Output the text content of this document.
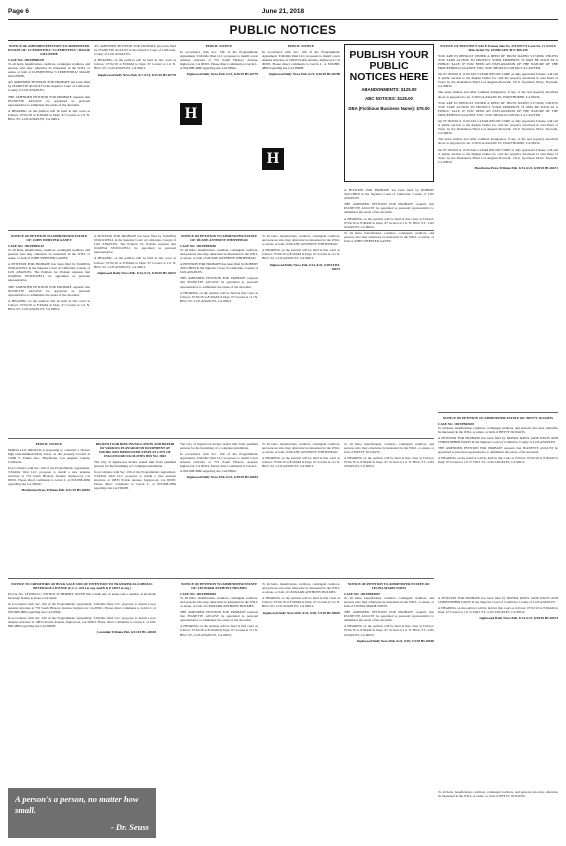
Page 6	June 21, 2018
PUBLIC NOTICES
NOTICE OF AMENDED PETITION TO ADMINISTER ESTATE OF: CLEMENTINA "CLEMENTINA" MAGIE GILLESPIE
CASE NO. 18STPB00478

To all heirs, beneficiaries, creditors, contingent creditors, and persons who may otherwise be interested in the WILL or estate, or both of CLEMENTINA "CLEMENTINA" MAGIE GILLESPIE.

AN AMENDED PETITION FOR PROBATE has been filed by JEANETTE AUGUST in the Superior Court of California, County of LOS ANGELES.

THE AMENDED PETITION FOR PROBATE requests that JEANETTE AUGUST be appointed as personal representative to administer the estate of the decedent.

A HEARING on the petition will be held in this court as follows: 07/02/18 at 8:30AM in Dept. 67 located at 111 N. HILL ST., LOS ANGELES, CA 90012.

AN AMENDED PETITION FOR PROBATE has been filed by JEANETTE AUGUST in the Superior Court of California, County of LOS ANGELES.

A HEARING on the petition will be held in this court as follows: 07/02/18 at 8:30AM in Dept. 67 located at 111 N. HILL ST., LOS ANGELES, CA 90012.

Ingalswood Daily News Pub. 6/7, 6/14, 6/21/18 HI-26778
PUBLIC NOTICE

In accordance with Sec. 106 of the Programmatic Agreement, T-Mobile West LLC proposes to install a new antenna structure at 753 South Hickory Avenue, Inglewood, CA 90301. Please direct comments to Gavin L. at 818-898-4866 regarding site LA13964C.

Inglewood Daily News Pub. 6/21, 6/26/18 HI-26779
H
PUBLIC NOTICE

In accordance with Sec. 106 of the Programmatic Agreement, T-Mobile West LLC proposes to install a new antenna structure at 10833 Prairie Avenue, Inglewood, CA 90303. Please direct comments to Gavin L. at 818-898-4866 regarding site LA13990H.

Inglewood Daily News Pub. 6/21, 6/26/18 HI-26780
H
PUBLISH YOUR PUBLIC NOTICES HERE
ABANDONMENTS: $125.00
ABC NOTICES: $125.00
DBA (Fictitious Business Name): $75.00
NOTICE OF TRUSTEE'S SALE Trustee Sale No. 219-097772 Loan No. 17-XXXX Title Order No. 615586 APN 4017-006-016

YOU ARE IN DEFAULT UNDER A DEED OF TRUST DATED 5/17/2006. UNLESS YOU TAKE ACTION TO PROTECT YOUR PROPERTY, IT MAY BE SOLD AT A PUBLIC SALE. IF YOU NEED AN EXPLANATION OF THE NATURE OF THE PROCEEDINGS AGAINST YOU, YOU SHOULD CONTACT A LAWYER.

On 07/18/2018 at 11:00 AM, CLEAR RECON CORP, as duly appointed Trustee, will sell at public auction to the highest bidder for cash the property described in said Deed of Trust, by the Doubletree Hotel Los Angeles-Norwalk, 13111 Sycamore Drive, Norwalk, CA 90650.

The street address and other common designation, if any, of the real property described above is purported to be: 11503 GLASGOW PL, HAWTHORNE, CA 90250.

YOU ARE IN DEFAULT UNDER A DEED OF TRUST DATED 5/17/2006. UNLESS YOU TAKE ACTION TO PROTECT YOUR PROPERTY, IT MAY BE SOLD AT A PUBLIC SALE. IF YOU NEED AN EXPLANATION OF THE NATURE OF THE PROCEEDINGS AGAINST YOU, YOU SHOULD CONTACT A LAWYER.

On 07/18/2018 at 11:00 AM, CLEAR RECON CORP, as duly appointed Trustee, will sell at public auction to the highest bidder for cash the property described in said Deed of Trust, by the Doubletree Hotel Los Angeles-Norwalk, 13111 Sycamore Drive, Norwalk, CA 90650.

The street address and other common designation, if any, of the real property described above is purported to be: 11503 GLASGOW PL, HAWTHORNE, CA 90250.

On 07/18/2018 at 11:00 AM, CLEAR RECON CORP, as duly appointed Trustee, will sell at public auction to the highest bidder for cash the property described in said Deed of Trust, by the Doubletree Hotel Los Angeles-Norwalk, 13111 Sycamore Drive, Norwalk, CA 90650.

Hawthorne Press Tribune Pub. 6/14, 6/21, 6/28/18 HI-26671
NOTICE OF PETITION TO ADMINISTER ESTATE OF: JOHN WEBSTER GANEY
CASE NO. 18STPB03110

To all heirs, beneficiaries, creditors, contingent creditors, and persons who may otherwise be interested in the WILL or estate, or both of JOHN WEBSTER GANEY.

A PETITION FOR PROBATE has been filed by JOANNA STOCKWELL in the Superior Court of California, County of LOS ANGELES. The Petition for Probate requests that JOANNA STOCKWELL be appointed as personal representative.

THE AMENDED PETITION FOR PROBATE requests that JEANETTE AUGUST be appointed as personal representative to administer the estate of the decedent.

A HEARING on the petition will be held in this court as follows: 07/02/18 at 8:30AM in Dept. 67 located at 111 N. HILL ST., LOS ANGELES, CA 90012.

A PETITION FOR PROBATE has been filed by JOANNA STOCKWELL in the Superior Court of California, County of LOS ANGELES. The Petition for Probate requests that JOANNA STOCKWELL be appointed as personal representative.

A HEARING on the petition will be held in this court as follows: 07/02/18 at 8:30AM in Dept. 67 located at 111 N. HILL ST., LOS ANGELES, CA 90012.

Inglewood Daily News Pub. 6/14, 6/21, 6/28/18 HI-26672
NOTICE OF PETITION TO ADMINISTER ESTATE OF: DUANE ANTHONY WHITEHEAD
CASE NO. 18STPB03050

To all heirs, beneficiaries, creditors, contingent creditors, and persons who may otherwise be interested in the WILL or estate, or both of DUANE ANTHONY WHITEHEAD.

A PETITION FOR PROBATE has been filed by ROBERT TOCCHINI in the Superior Court of California, County of LOS ANGELES.

THE AMENDED PETITION FOR PROBATE requests that JEANETTE AUGUST be appointed as personal representative to administer the estate of the decedent.

A HEARING on the petition will be held in this court as follows: 07/02/18 at 8:30AM in Dept. 67 located at 111 N. HILL ST., LOS ANGELES, CA 90012.

To all heirs, beneficiaries, creditors, contingent creditors, and persons who may otherwise be interested in the WILL or estate, or both of DUANE ANTHONY WHITEHEAD.

A HEARING on the petition will be held in this court as follows: 07/02/18 at 8:30AM in Dept. 67 located at 111 N. HILL ST., LOS ANGELES, CA 90012.

Inglewood Daily News Pub. 6/14, 6/21, 6/28/18 HI-26673

A PETITION FOR PROBATE has been filed by ROBERT TOCCHINI in the Superior Court of California, County of LOS ANGELES.

THE AMENDED PETITION FOR PROBATE requests that JEANETTE AUGUST be appointed as personal representative to administer the estate of the decedent.

A HEARING on the petition will be held in this court as follows: 07/02/18 at 8:30AM in Dept. 67 located at 111 N. HILL ST., LOS ANGELES, CA 90012.

To all heirs, beneficiaries, creditors, contingent creditors, and persons who may otherwise be interested in the WILL or estate, or both of JOHN WEBSTER GANEY.

NOTICE OF PETITION TO ADMINISTER ESTATE OF: BETTY JO DAVIS
CASE NO. 18STPB03045

To all heirs, beneficiaries, creditors, contingent creditors, and persons who may otherwise be interested in the WILL or estate, or both of BETTY JO DAVIS.

A PETITION FOR PROBATE has been filed by DONNA DAVIS JANE DAVIS AND CHRISTOPHER DAVIS in the Superior Court of California, County of LOS ANGELES.

THE AMENDED PETITION FOR PROBATE requests that JEANETTE AUGUST be appointed as personal representative to administer the estate of the decedent.

A HEARING on the petition will be held in this court as follows: 07/02/18 at 8:30AM in Dept. 67 located at 111 N. HILL ST., LOS ANGELES, CA 90012.

A PETITION FOR PROBATE has been filed by DONNA DAVIS JANE DAVIS AND CHRISTOPHER DAVIS in the Superior Court of California, County of LOS ANGELES.

A HEARING on the petition will be held in this court as follows: 07/02/18 at 8:30AM in Dept. 67 located at 111 N. HILL ST., LOS ANGELES, CA 90012.

Inglewood Daily News Pub. 6/14, 6/21, 6/28/18 HI-26674
PUBLIC NOTICE

MARIA LUZ OROZCO is proposing to construct a 56-foot high telecommunications tower on the property located at 11600 S. Prairie Ave., Hawthorne, Los Angeles County, California.

In accordance with Sec. 106 of the Programmatic Agreement, T-Mobile West LLC proposes to install a new antenna structure at 753 South Hickory Avenue, Inglewood, CA 90301. Please direct comments to Gavin L. at 818-898-4866 regarding site LA13964C.

Hawthorne Press Tribune Pub. 6/21/18 HI-26692
REQUEST FOR BIDS INSTALLATION AND REPAIR OF VARIOUS PLAYGROUND EQUIPMENT AT DOORS AND MEDICOVER STEPS AT CITY OF INGLEWOOD FACILITIES BID NO. 1803

The City of Inglewood invites sealed bids from qualified persons for the furnishing of a complete installation.

In accordance with Sec. 106 of the Programmatic Agreement, T-Mobile West LLC proposes to install a new antenna structure at 10833 Prairie Avenue, Inglewood, CA 90303. Please direct comments to Gavin L. at 818-898-4866 regarding site LA13990H.

The City of Inglewood invites sealed bids from qualified persons for the furnishing of a complete installation.

In accordance with Sec. 106 of the Programmatic Agreement, T-Mobile West LLC proposes to install a new antenna structure at 753 South Hickory Avenue, Inglewood, CA 90301. Please direct comments to Gavin L. at 818-898-4866 regarding site LA13964C.

Inglewood Daily News Pub. 6/21, 6/28/18 HI-26693

To all heirs, beneficiaries, creditors, contingent creditors, and persons who may otherwise be interested in the WILL or estate, or both of DUANE ANTHONY WHITEHEAD.

A HEARING on the petition will be held in this court as follows: 07/02/18 at 8:30AM in Dept. 67 located at 111 N. HILL ST., LOS ANGELES, CA 90012.

To all heirs, beneficiaries, creditors, contingent creditors, and persons who may otherwise be interested in the WILL or estate, or both of BETTY JO DAVIS.

A HEARING on the petition will be held in this court as follows: 07/02/18 at 8:30AM in Dept. 67 located at 111 N. HILL ST., LOS ANGELES, CA 90012.

NOTICE TO CREDITORS OF BULK SALE AND OF INTENTION TO TRANSFER ALCOHOLIC BEVERAGE LICENSE (U.C.C. 6101 et seq. and B & P 24073 et seq.)

Escrow No. 18-0593-CC. NOTICE IS HEREBY GIVEN that a bulk sale of assets and a transfer of alcoholic beverage license is about to be made.

In accordance with Sec. 106 of the Programmatic Agreement, T-Mobile West LLC proposes to install a new antenna structure at 753 South Hickory Avenue, Inglewood, CA 90301. Please direct comments to Gavin L. at 818-898-4866 regarding site LA13964C.

In accordance with Sec. 106 of the Programmatic Agreement, T-Mobile West LLC proposes to install a new antenna structure at 10833 Prairie Avenue, Inglewood, CA 90303. Please direct comments to Gavin L. at 818-898-4866 regarding site LA13990H.

Lawndale Tribune Pub. 6/21/18 HL-26694
NOTICE OF PETITION TO ADMINISTER ESTATE OF: LEONARD ANTHONY HOLMES
CASE NO. 18STPB04003

To all heirs, beneficiaries, creditors, contingent creditors, and persons who may otherwise be interested in the WILL or estate, or both of LEONARD ANTHONY HOLMES.

THE AMENDED PETITION FOR PROBATE requests that JEANETTE AUGUST be appointed as personal representative to administer the estate of the decedent.

A HEARING on the petition will be held in this court as follows: 07/02/18 at 8:30AM in Dept. 67 located at 111 N. HILL ST., LOS ANGELES, CA 90012.

To all heirs, beneficiaries, creditors, contingent creditors, and persons who may otherwise be interested in the WILL or estate, or both of LEONARD ANTHONY HOLMES.

A HEARING on the petition will be held in this court as follows: 07/02/18 at 8:30AM in Dept. 67 located at 111 N. HILL ST., LOS ANGELES, CA 90012.

Inglewood Daily News Pub. 6/21, 6/28, 7/5/18 HI-26695
NOTICE OF PETITION TO ADMINISTER ESTATE OF: LEONA MARIE DAVIS
CASE NO. 18STPB04007

To all heirs, beneficiaries, creditors, contingent creditors, and persons who may otherwise be interested in the WILL or estate, or both of LEONA MARIE DAVIS.

THE AMENDED PETITION FOR PROBATE requests that JEANETTE AUGUST be appointed as personal representative to administer the estate of the decedent.

A HEARING on the petition will be held in this court as follows: 07/02/18 at 8:30AM in Dept. 67 located at 111 N. HILL ST., LOS ANGELES, CA 90012.

Inglewood Daily News Pub. 6/21, 6/28, 7/5/18 HI-26696

To all heirs, beneficiaries, creditors, contingent creditors, and persons who may otherwise be interested in the WILL or estate, or both of BETTY JO DAVIS.

A person's a person, no matter how small.
- Dr. Seuss
